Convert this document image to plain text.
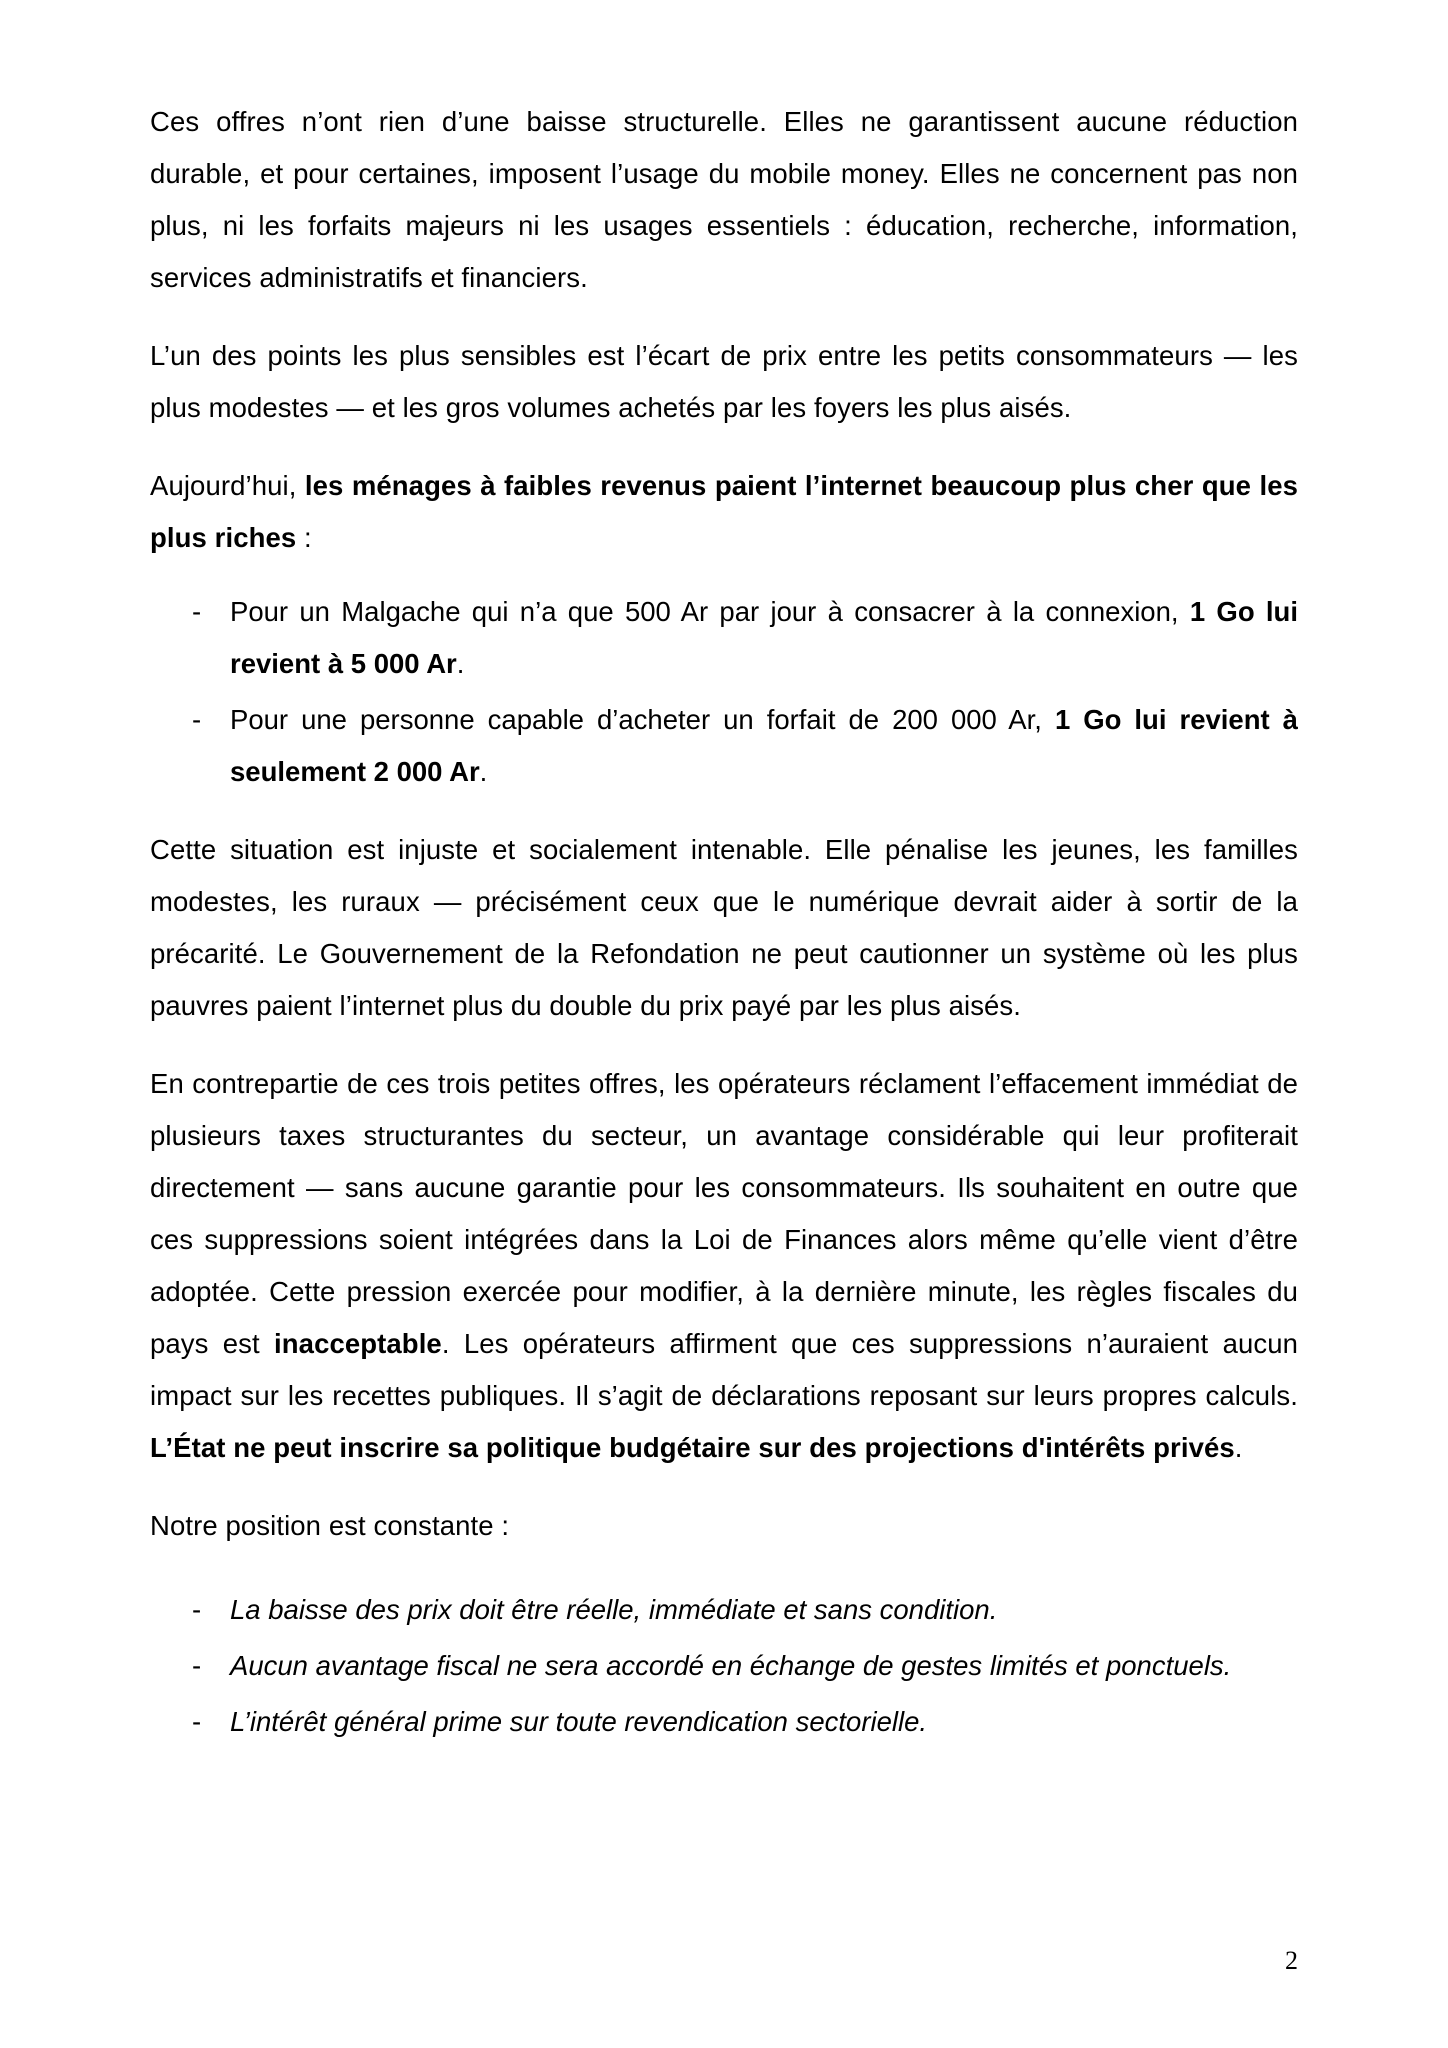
Ces offres n’ont rien d’une baisse structurelle. Elles ne garantissent aucune réduction durable, et pour certaines, imposent l’usage du mobile money. Elles ne concernent pas non plus, ni les forfaits majeurs ni les usages essentiels : éducation, recherche, information, services administratifs et financiers.

L’un des points les plus sensibles est l’écart de prix entre les petits consommateurs — les plus modestes — et les gros volumes achetés par les foyers les plus aisés.

Aujourd’hui, les ménages à faibles revenus paient l’internet beaucoup plus cher que les plus riches :

- Pour un Malgache qui n’a que 500 Ar par jour à consacrer à la connexion, 1 Go lui revient à 5 000 Ar.
- Pour une personne capable d’acheter un forfait de 200 000 Ar, 1 Go lui revient à seulement 2 000 Ar.

Cette situation est injuste et socialement intenable. Elle pénalise les jeunes, les familles modestes, les ruraux — précisément ceux que le numérique devrait aider à sortir de la précarité. Le Gouvernement de la Refondation ne peut cautionner un système où les plus pauvres paient l’internet plus du double du prix payé par les plus aisés.

En contrepartie de ces trois petites offres, les opérateurs réclament l’effacement immédiat de plusieurs taxes structurantes du secteur, un avantage considérable qui leur profiterait directement — sans aucune garantie pour les consommateurs. Ils souhaitent en outre que ces suppressions soient intégrées dans la Loi de Finances alors même qu’elle vient d’être adoptée. Cette pression exercée pour modifier, à la dernière minute, les règles fiscales du pays est inacceptable. Les opérateurs affirment que ces suppressions n’auraient aucun impact sur les recettes publiques. Il s’agit de déclarations reposant sur leurs propres calculs. L’État ne peut inscrire sa politique budgétaire sur des projections d'intérêts privés.

Notre position est constante :

- La baisse des prix doit être réelle, immédiate et sans condition.
- Aucun avantage fiscal ne sera accordé en échange de gestes limités et ponctuels.
- L’intérêt général prime sur toute revendication sectorielle.
2
